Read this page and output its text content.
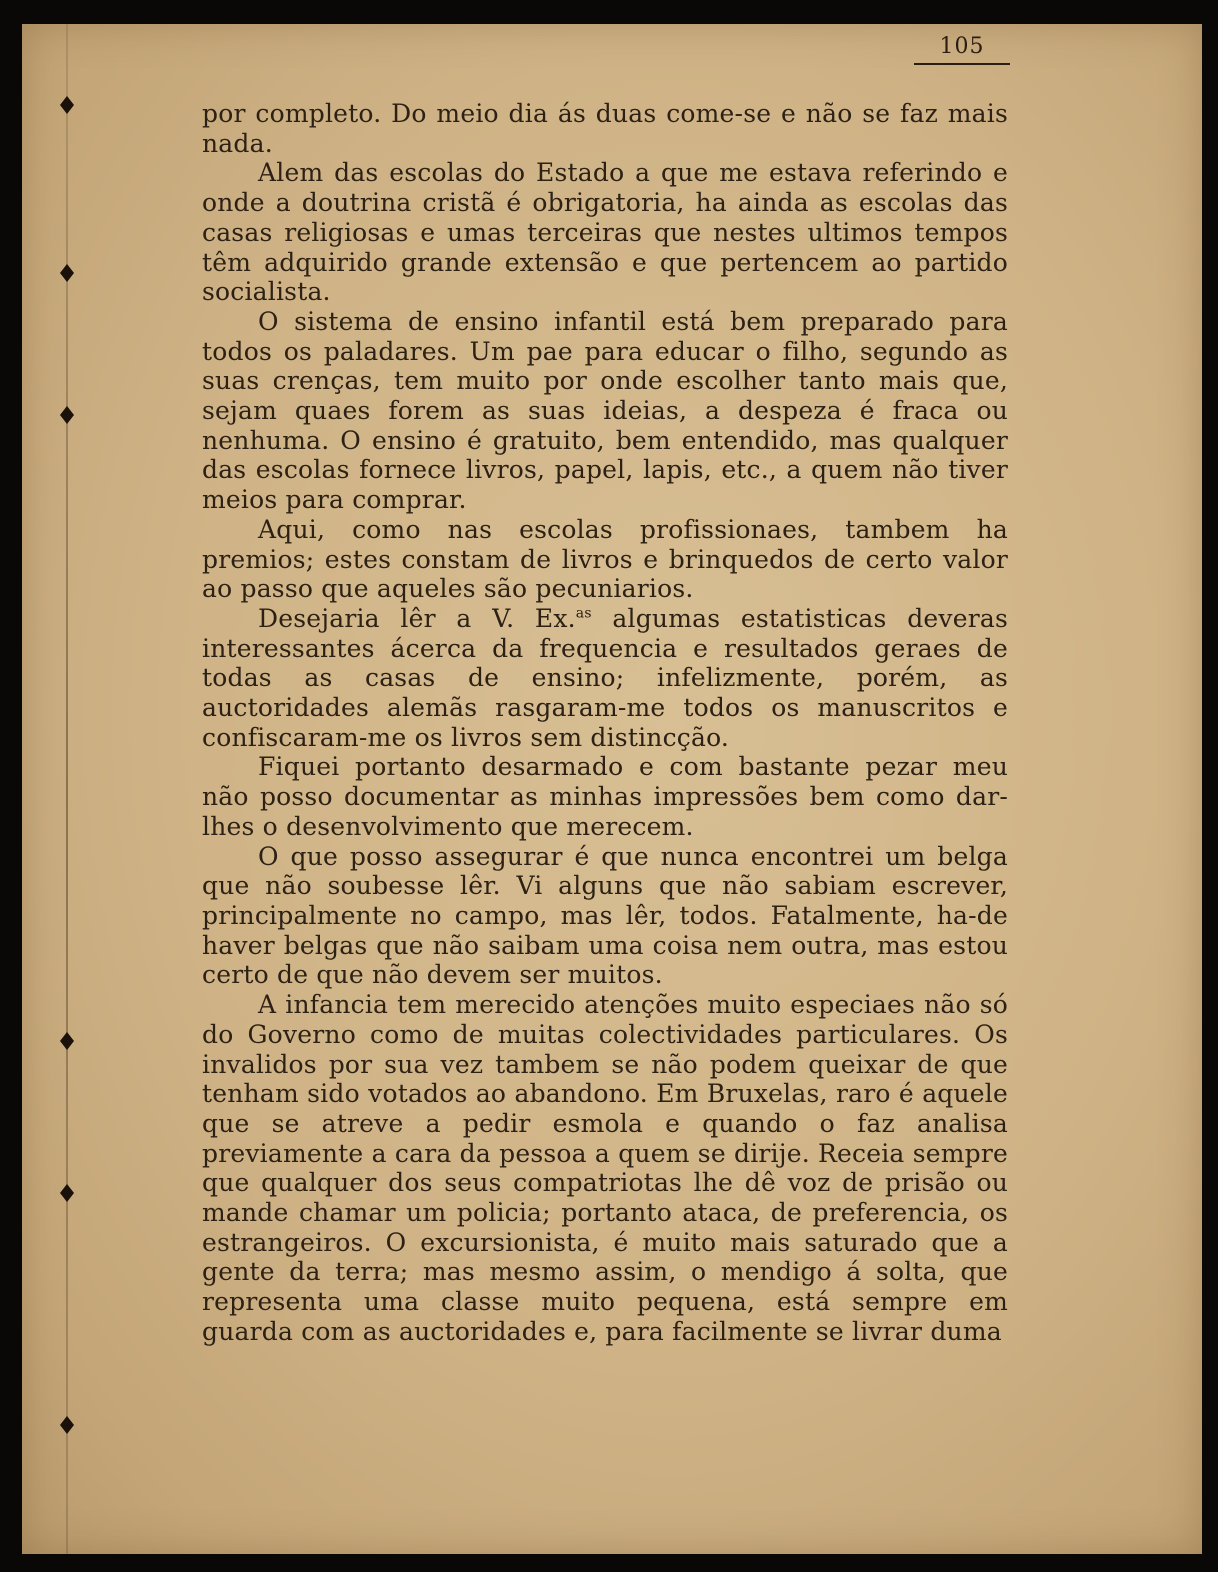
105

por completo. Do meio dia ás duas come-se e não se faz mais nada.

Alem das escolas do Estado a que me estava referindo e onde a doutrina cristã é obrigatoria, ha ainda as escolas das casas religiosas e umas terceiras que nestes ultimos tempos têm adquirido grande extensão e que pertencem ao partido socialista.

O sistema de ensino infantil está bem preparado para todos os paladares. Um pae para educar o filho, segundo as suas crenças, tem muito por onde escolher tanto mais que, sejam quaes forem as suas ideias, a despeza é fraca ou nenhuma. O ensino é gratuito, bem entendido, mas qualquer das escolas fornece livros, papel, lapis, etc., a quem não tiver meios para comprar.

Aqui, como nas escolas profissionaes, tambem ha premios; estes constam de livros e brinquedos de certo valor ao passo que aqueles são pecuniarios.

Desejaria lêr a V. Ex.$^{as}$ algumas estatisticas deveras interessantes ácerca da frequencia e resultados geraes de todas as casas de ensino; infelizmente, porém, as auctoridades alemãs rasgaram-me todos os manuscritos e confiscaram-me os livros sem distincção.

Fiquei portanto desarmado e com bastante pezar meu não posso documentar as minhas impressões bem como dar-lhes o desenvolvimento que merecem.

O que posso assegurar é que nunca encontrei um belga que não soubesse lêr. Vi alguns que não sabiam escrever, principalmente no campo, mas lêr, todos. Fatalmente, ha-de haver belgas que não saibam uma coisa nem outra, mas estou certo de que não devem ser muitos.

A infancia tem merecido atenções muito especiaes não só do Governo como de muitas colectividades particulares. Os invalidos por sua vez tambem se não podem queixar de que tenham sido votados ao abandono. Em Bruxelas, raro é aquele que se atreve a pedir esmola e quando o faz analisa previamente a cara da pessoa a quem se dirije. Receia sempre que qualquer dos seus compatriotas lhe dê voz de prisão ou mande chamar um policia; portanto ataca, de preferencia, os estrangeiros. O excursionista, é muito mais saturado que a gente da terra; mas mesmo assim, o mendigo á solta, que representa uma classe muito pequena, está sempre em guarda com as auctoridades e, para facilmente se livrar duma
